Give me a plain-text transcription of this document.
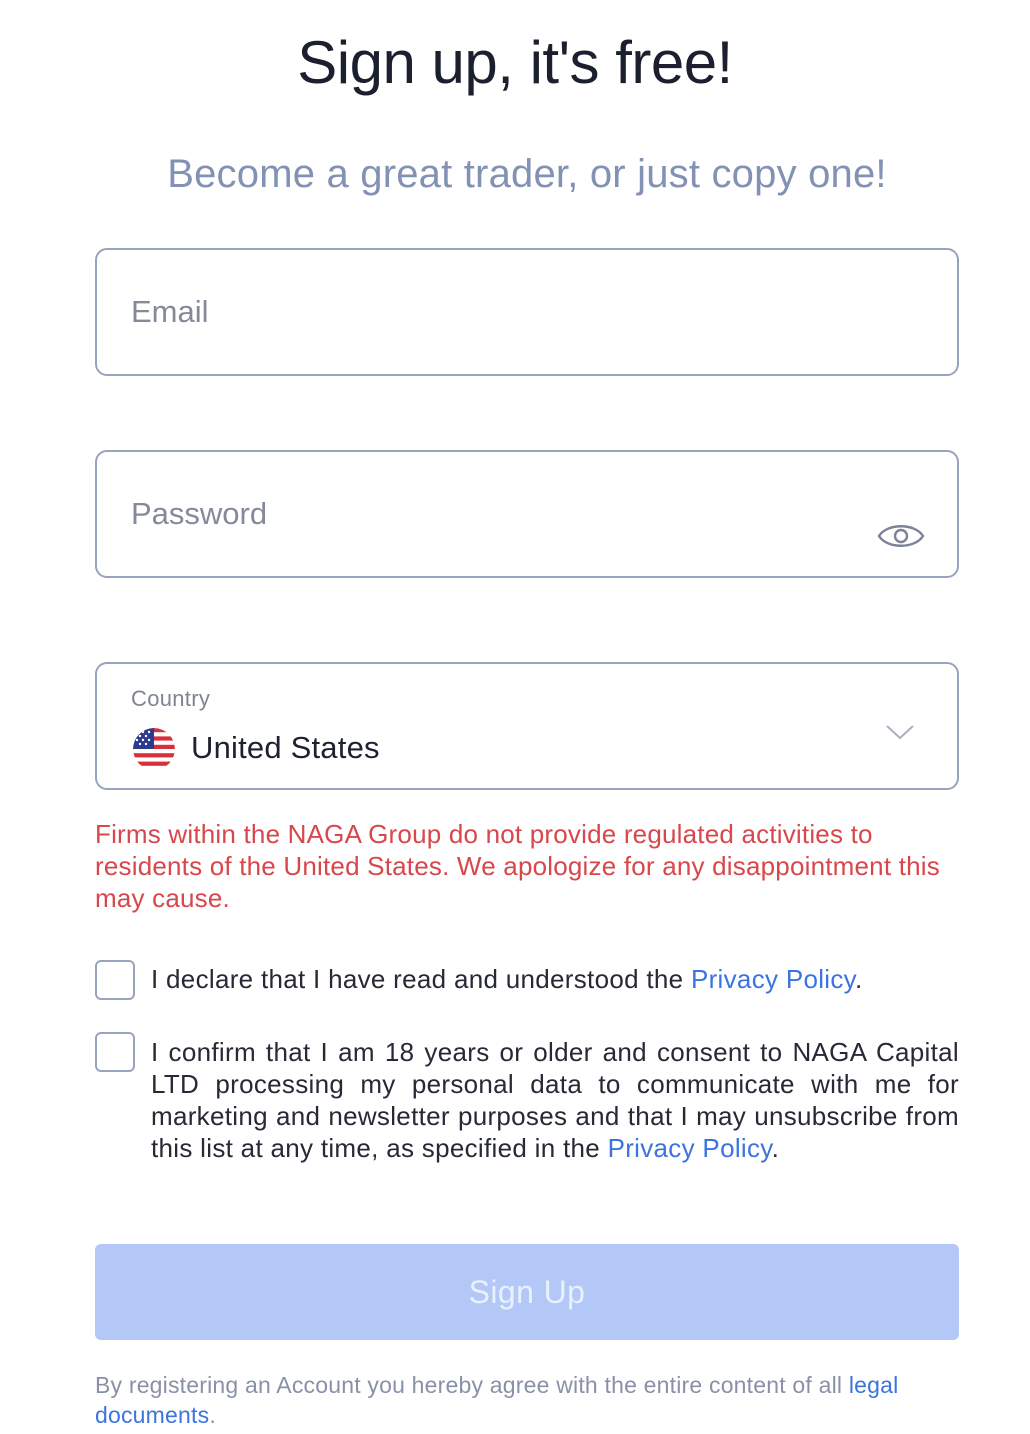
Sign up, it's free!

Become a great trader, or just copy one!

Email
Country
United States

Firms within the NAGA Group do not provide regulated activities to residents of the United States. We apologize for any disappointment this may cause.

I declare that I have read and understood the Privacy Policy.

I confirm that I am 18 years or older and consent to NAGA Capital LTD processing my personal data to communicate with me for marketing and newsletter purposes and that I may unsubscribe from this list at any time, as specified in the Privacy Policy.

Sign Up

By registering an Account you hereby agree with the entire content of all legal documents.
